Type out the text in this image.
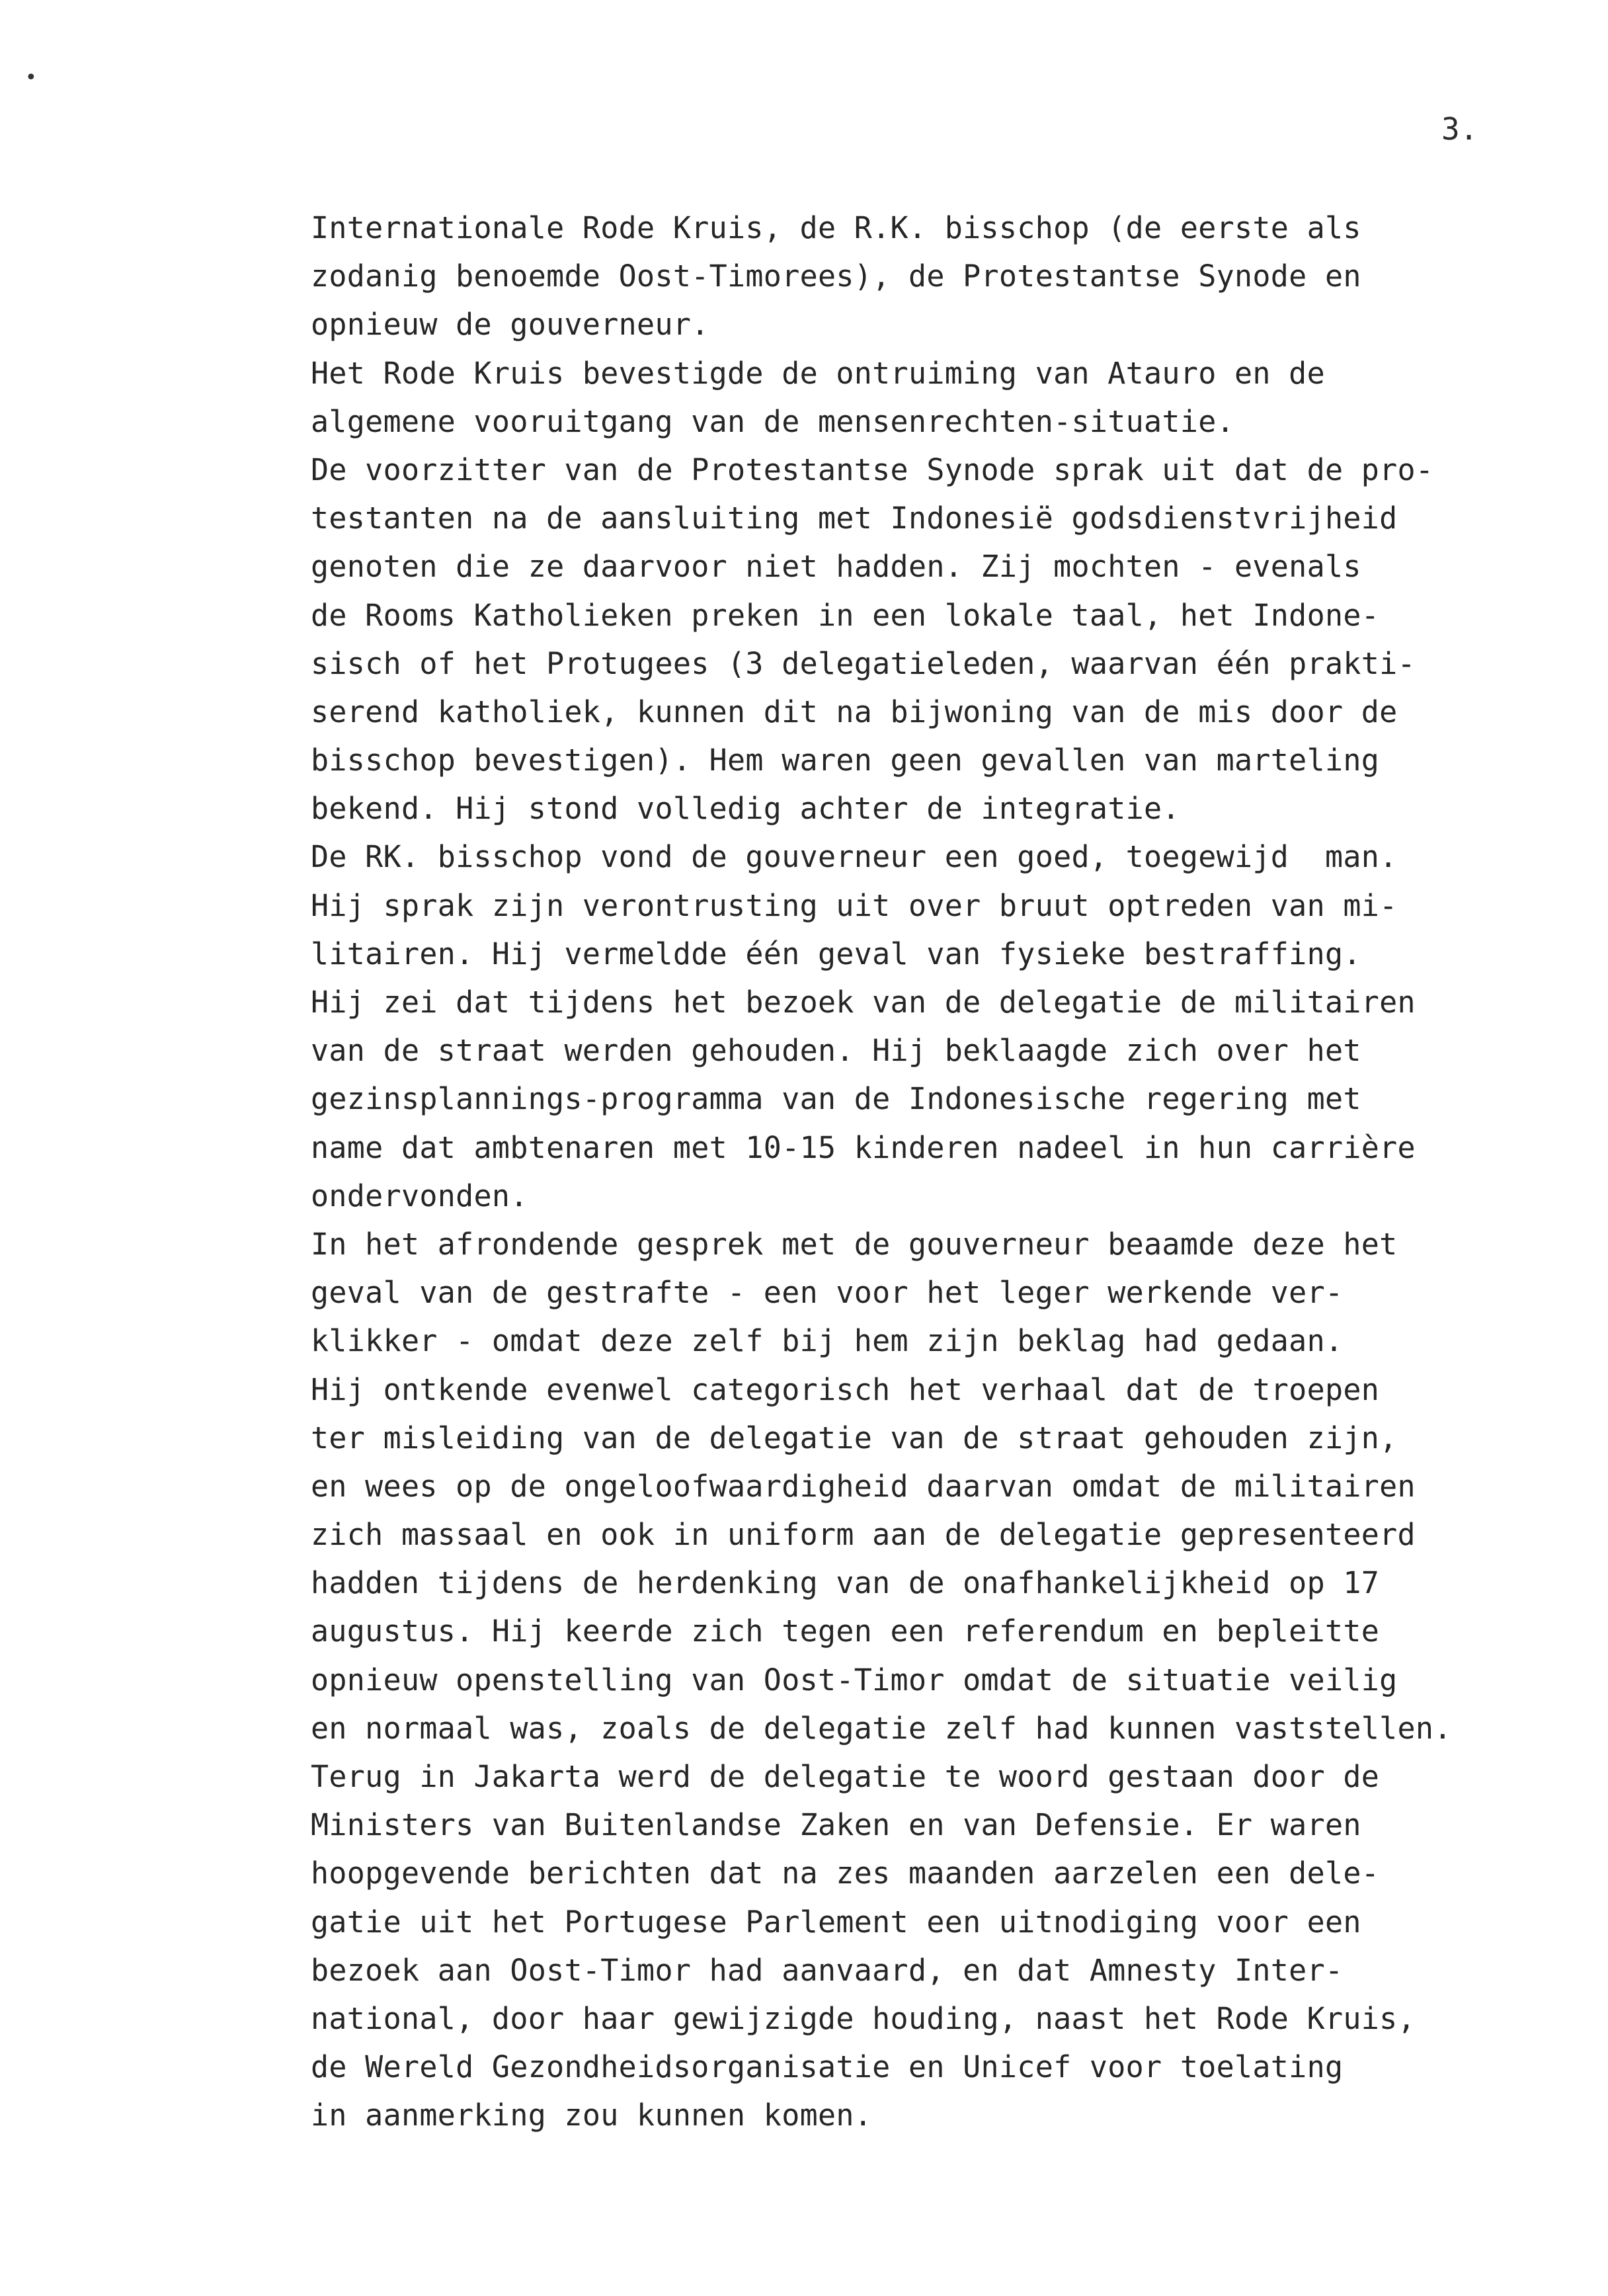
•
3.
Internationale Rode Kruis, de R.K. bisschop (de eerste als
zodanig benoemde Oost-Timorees), de Protestantse Synode en
opnieuw de gouverneur.
Het Rode Kruis bevestigde de ontruiming van Atauro en de
algemene vooruitgang van de mensenrechten-situatie.
De voorzitter van de Protestantse Synode sprak uit dat de pro-
testanten na de aansluiting met Indonesië godsdienstvrijheid
genoten die ze daarvoor niet hadden. Zij mochten - evenals
de Rooms Katholieken preken in een lokale taal, het Indone-
sisch of het Protugees (3 delegatieleden, waarvan één prakti-
serend katholiek, kunnen dit na bijwoning van de mis door de
bisschop bevestigen). Hem waren geen gevallen van marteling
bekend. Hij stond volledig achter de integratie.
De RK. bisschop vond de gouverneur een goed, toegewijd  man.
Hij sprak zijn verontrusting uit over bruut optreden van mi-
litairen. Hij vermeldde één geval van fysieke bestraffing.
Hij zei dat tijdens het bezoek van de delegatie de militairen
van de straat werden gehouden. Hij beklaagde zich over het
gezinsplannings-programma van de Indonesische regering met
name dat ambtenaren met 10-15 kinderen nadeel in hun carrière
ondervonden.
In het afrondende gesprek met de gouverneur beaamde deze het
geval van de gestrafte - een voor het leger werkende ver-
klikker - omdat deze zelf bij hem zijn beklag had gedaan.
Hij ontkende evenwel categorisch het verhaal dat de troepen
ter misleiding van de delegatie van de straat gehouden zijn,
en wees op de ongeloofwaardigheid daarvan omdat de militairen
zich massaal en ook in uniform aan de delegatie gepresenteerd
hadden tijdens de herdenking van de onafhankelijkheid op 17
augustus. Hij keerde zich tegen een referendum en bepleitte
opnieuw openstelling van Oost-Timor omdat de situatie veilig
en normaal was, zoals de delegatie zelf had kunnen vaststellen.
Terug in Jakarta werd de delegatie te woord gestaan door de
Ministers van Buitenlandse Zaken en van Defensie. Er waren
hoopgevende berichten dat na zes maanden aarzelen een dele-
gatie uit het Portugese Parlement een uitnodiging voor een
bezoek aan Oost-Timor had aanvaard, en dat Amnesty Inter-
national, door haar gewijzigde houding, naast het Rode Kruis,
de Wereld Gezondheidsorganisatie en Unicef voor toelating
in aanmerking zou kunnen komen.
